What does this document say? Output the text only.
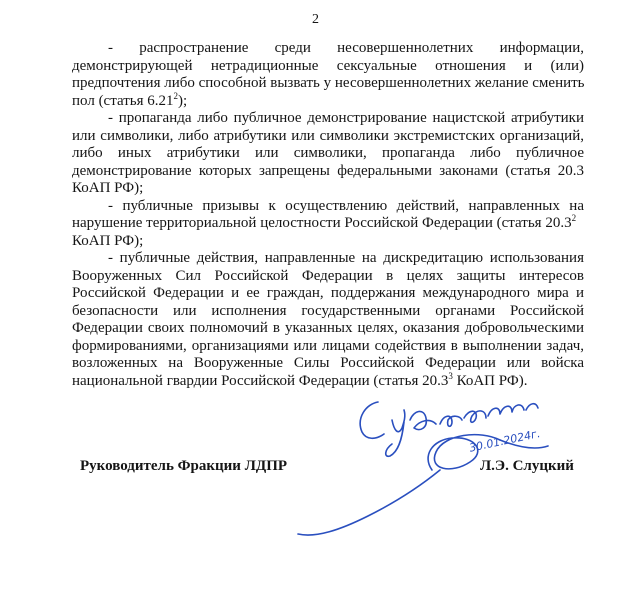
2

- распространение среди несовершеннолетних информации,
демонстрирующей нетрадиционные сексуальные отношения и (или)
предпочтения либо способной вызвать у несовершеннолетних желание сменить
пол (статья 6.21$^2$);

- пропаганда либо публичное демонстрирование нацистской атрибутики
или символики, либо атрибутики или символики экстремистских организаций,
либо иных атрибутики или символики, пропаганда либо публичное
демонстрирование которых запрещены федеральными законами (статья 20.3
КоАП РФ);

- публичные призывы к осуществлению действий, направленных на
нарушение территориальной целостности Российской Федерации (статья 20.3$^2$
КоАП РФ);

- публичные действия, направленные на дискредитацию использования
Вооруженных Сил Российской Федерации в целях защиты интересов
Российской Федерации и ее граждан, поддержания международного мира и
безопасности или исполнения государственными органами Российской
Федерации своих полномочий в указанных целях, оказания добровольческими
формированиями, организациями или лицами содействия в выполнении задач,
возложенных на Вооруженные Силы Российской Федерации или войска
национальной гвардии Российской Федерации (статья 20.3$^3$ КоАП РФ).

30.01.2024г.
Руководитель Фракции ЛДПР	Л.Э. Слуцкий
